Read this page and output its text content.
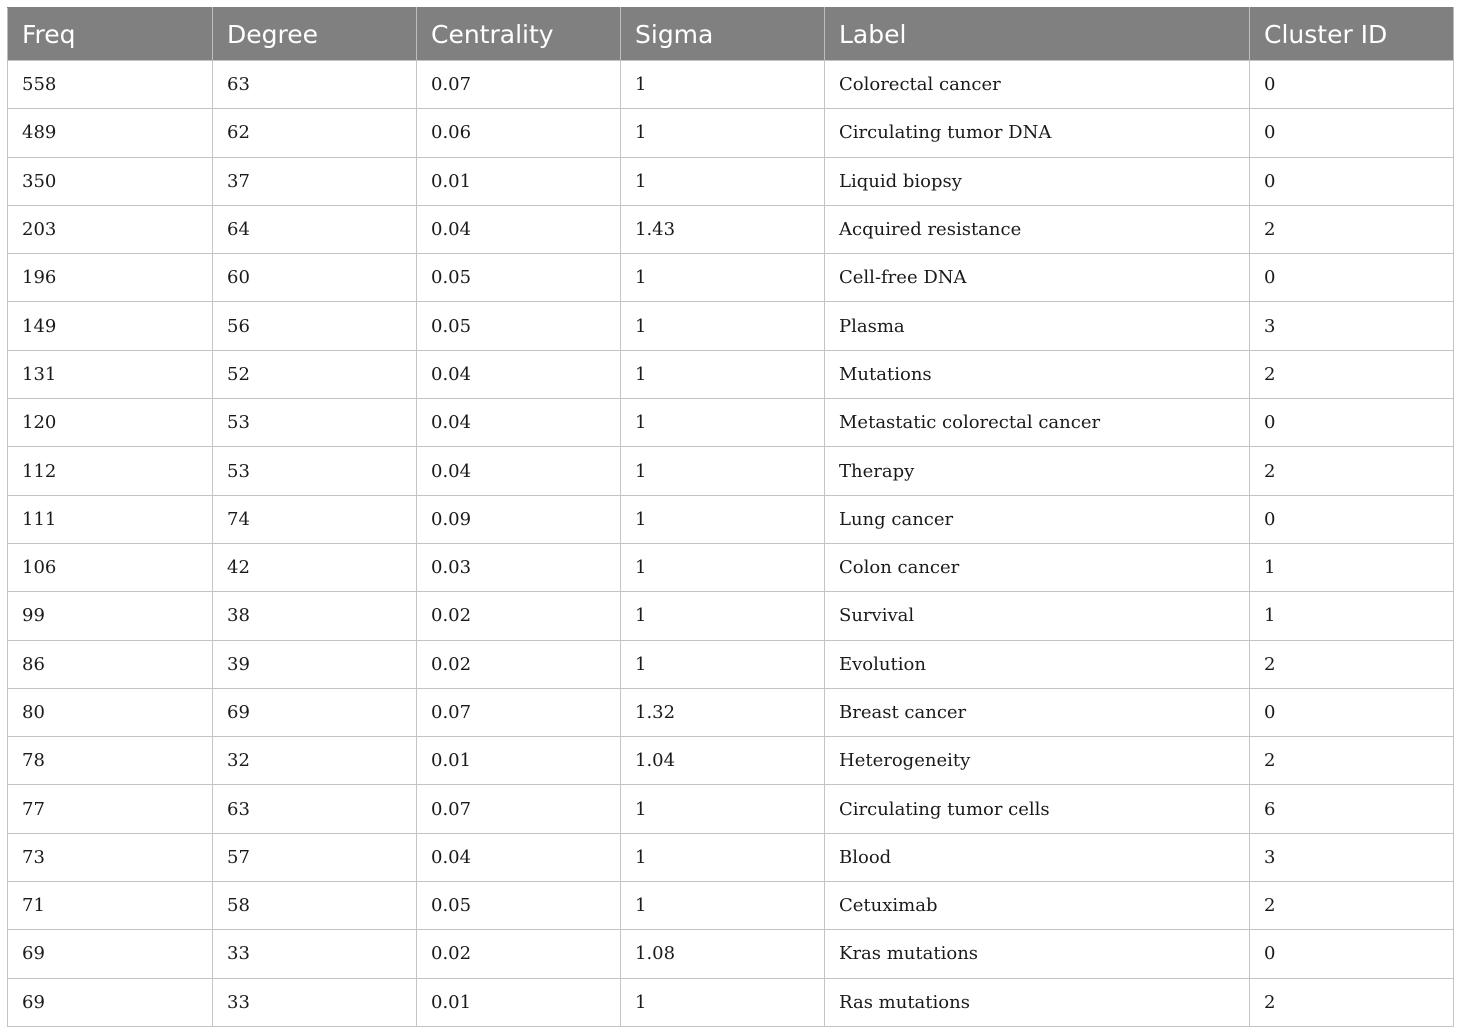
Freq	Degree	Centrality	Sigma	Label	Cluster ID
558	63	0.07	1	Colorectal cancer	0
489	62	0.06	1	Circulating tumor DNA	0
350	37	0.01	1	Liquid biopsy	0
203	64	0.04	1.43	Acquired resistance	2
196	60	0.05	1	Cell-free DNA	0
149	56	0.05	1	Plasma	3
131	52	0.04	1	Mutations	2
120	53	0.04	1	Metastatic colorectal cancer	0
112	53	0.04	1	Therapy	2
111	74	0.09	1	Lung cancer	0
106	42	0.03	1	Colon cancer	1
99	38	0.02	1	Survival	1
86	39	0.02	1	Evolution	2
80	69	0.07	1.32	Breast cancer	0
78	32	0.01	1.04	Heterogeneity	2
77	63	0.07	1	Circulating tumor cells	6
73	57	0.04	1	Blood	3
71	58	0.05	1	Cetuximab	2
69	33	0.02	1.08	Kras mutations	0
69	33	0.01	1	Ras mutations	2
